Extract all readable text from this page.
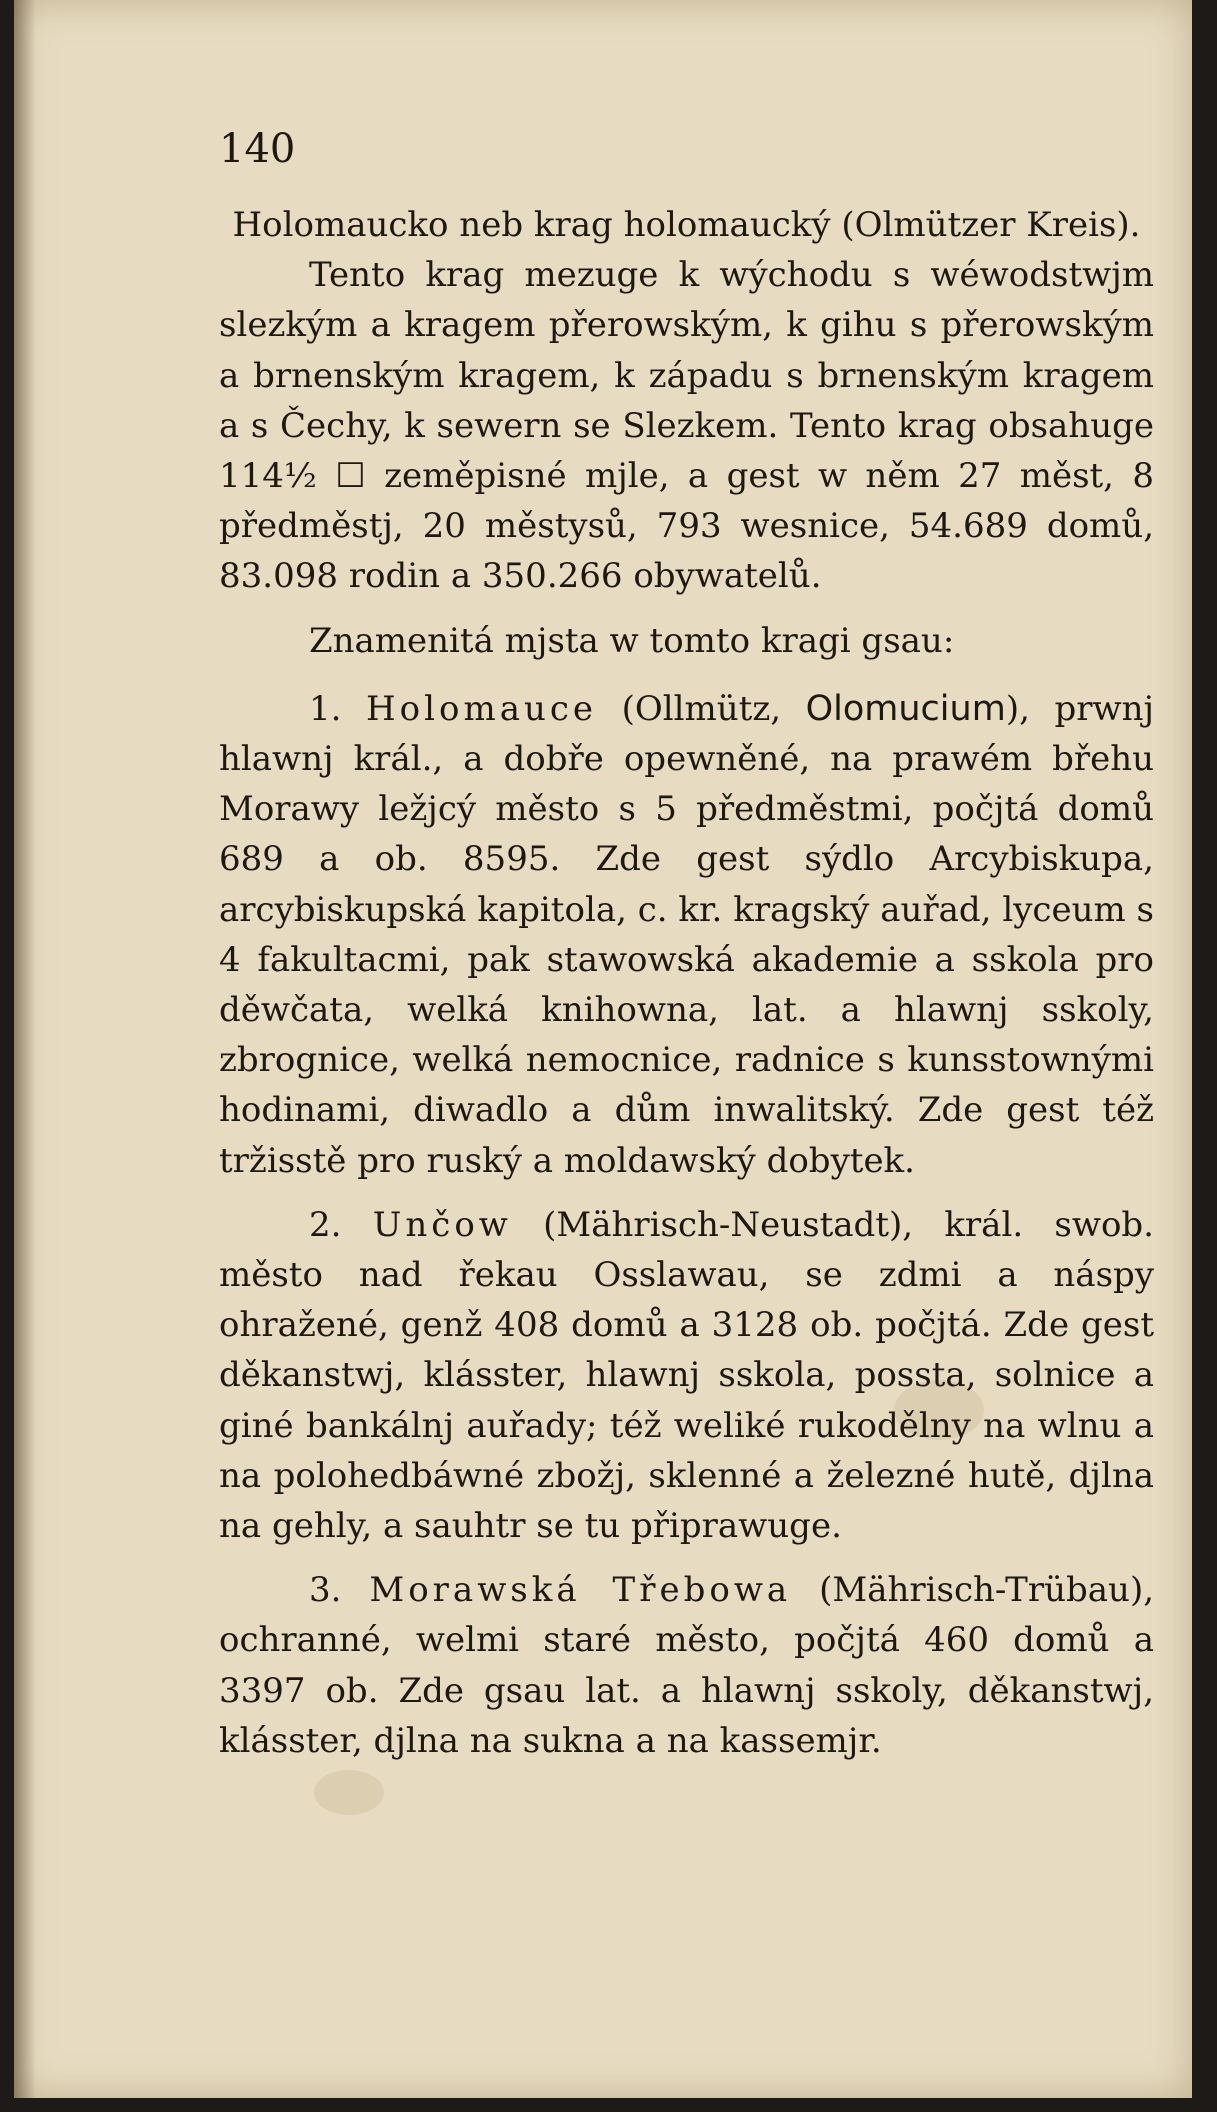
140

Holomaucko neb krag holomaucký (Olmützer Kreis).

Tento krag mezuge k wýchodu s wéwodstwjm slezkým a kragem přerowským, k gihu s přerowským a brnenským kragem, k západu s brnenským kragem a s Čechy, k sewern se Slezkem. Tento krag obsahuge 114½ ☐ zeměpisné mjle, a gest w něm 27 měst, 8 předměstj, 20 městysů, 793 wesnice, 54.689 domů, 83.098 rodin a 350.266 obywatelů.

Znamenitá mjsta w tomto kragi gsau:

1. Holomauce (Ollmütz, Olomucium), prwnj hlawnj král., a dobře opewněné, na prawém břehu Morawy ležjcý město s 5 předměstmi, počjtá domů 689 a ob. 8595. Zde gest sýdlo Arcybiskupa, arcybiskupská kapitola, c. kr. kragský auřad, lyceum s 4 fakultacmi, pak stawowská akademie a sskola pro děwčata, welká knihowna, lat. a hlawnj sskoly, zbrognice, welká nemocnice, radnice s kunsstownými hodinami, diwadlo a dům inwalitský. Zde gest též tržisstě pro ruský a moldawský dobytek.

2. Unčow (Mährisch-Neustadt), král. swob. město nad řekau Osslawau, se zdmi a náspy ohražené, genž 408 domů a 3128 ob. počjtá. Zde gest děkanstwj, klásster, hlawnj sskola, possta, solnice a giné bankálnj auřady; též weliké rukodělny na wlnu a na polohedbáwné zbožj, sklenné a železné hutě, djlna na gehly, a sauhtr se tu připrawuge.

3. Morawská Třebowa (Mährisch-Trübau), ochranné, welmi staré město, počjtá 460 domů a 3397 ob. Zde gsau lat. a hlawnj sskoly, děkanstwj, klásster, djlna na sukna a na kassemjr.
